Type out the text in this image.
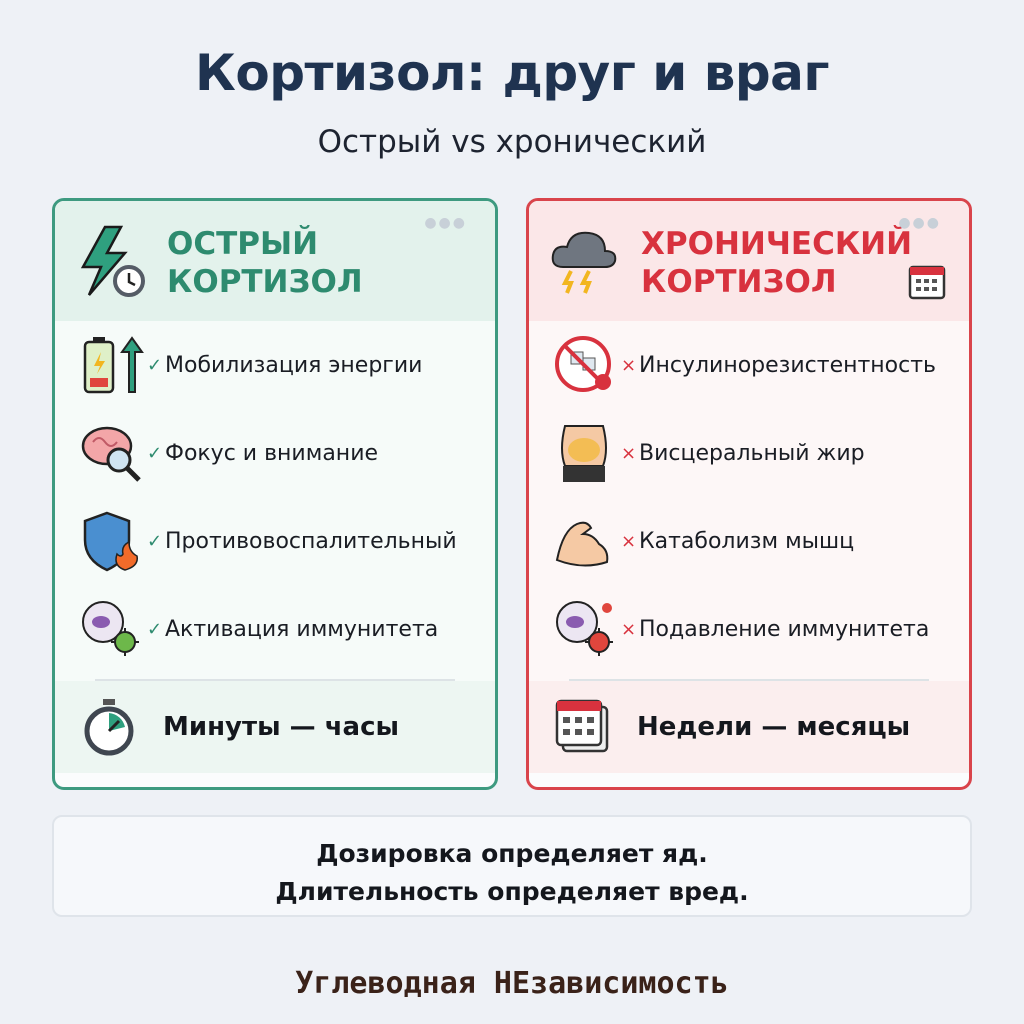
Кортизол: друг и враг
Острый vs хронический
ОСТРЫЙ
КОРТИЗОЛ
●●●
✓ Мобилизация энергии
✓ Фокус и внимание
✓ Противовоспалительный
✓ Активация иммунитета
Минуты — часы
ХРОНИЧЕСКИЙ
КОРТИЗОЛ
●●●
× Инсулинорезистентность
× Висцеральный жир
× Катаболизм мышц
× Подавление иммунитета
Недели — месяцы
Дозировка определяет яд.
Длительность определяет вред.
Углеводная НЕзависимость
